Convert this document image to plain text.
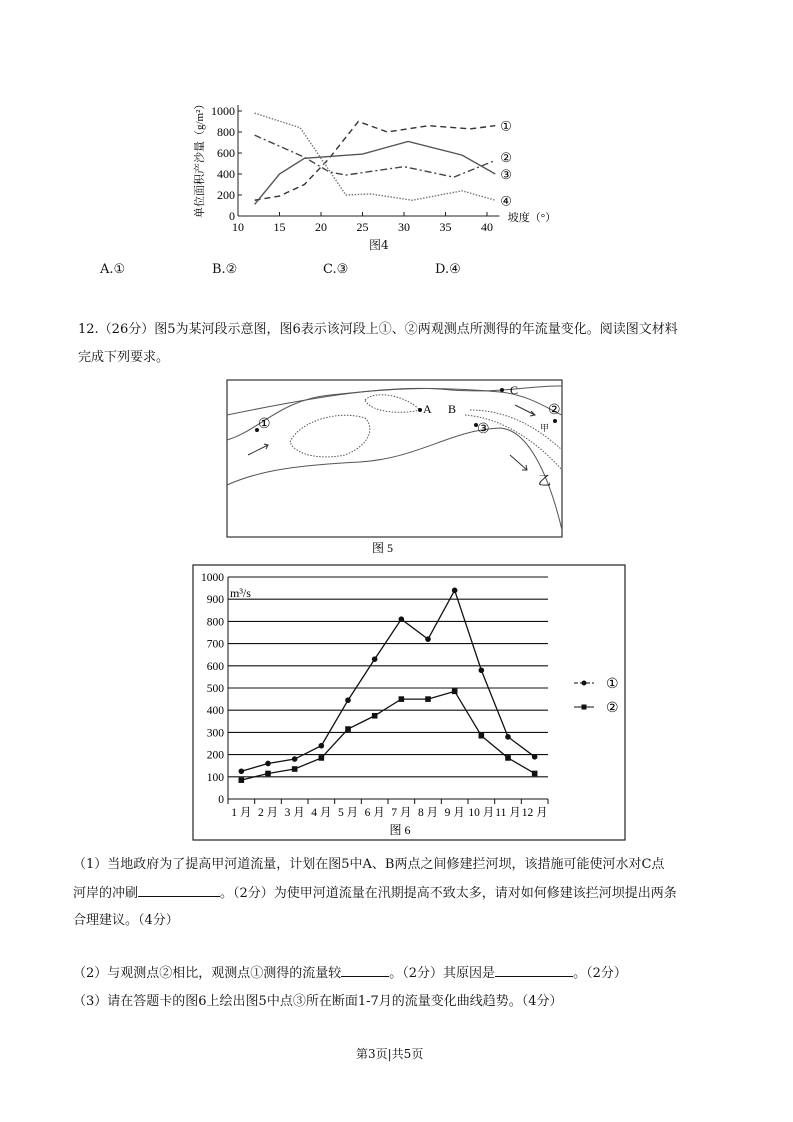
10 15 20 25 30 35 40
0
200
400
600
800
1000
单位面积产沙量（g/m²）	坡度（°）
①
②
③
④
图4
A.①	B.②	C.③	D.④
12.（26分）图5为某河段示意图，图6表示该河段上①、②两观测点所测得的年流量变化。阅读图文材料
完成下列要求。
①
A B
C
③
②
甲
乙
图 5
0
100
200
300
400
500
600
700
800
900
1000
1 月 2 月 3 月 4 月 5 月 6 月 7 月 8 月 9 月 10 月 11 月 12 月
m³/s
图 6
①
②
（1）当地政府为了提高甲河道流量，计划在图5中A、B两点之间修建拦河坝，该措施可能使河水对C点
河岸的冲刷	。（2分）为使甲河道流量在汛期提高不致太多，请对如何修建该拦河坝提出两条
合理建议。（4分）
（2）与观测点②相比，观测点①测得的流量较	。（2分）其原因是	。（2分）
（3）请在答题卡的图6上绘出图5中点③所在断面1-7月的流量变化曲线趋势。（4分）
第3页|共5页
